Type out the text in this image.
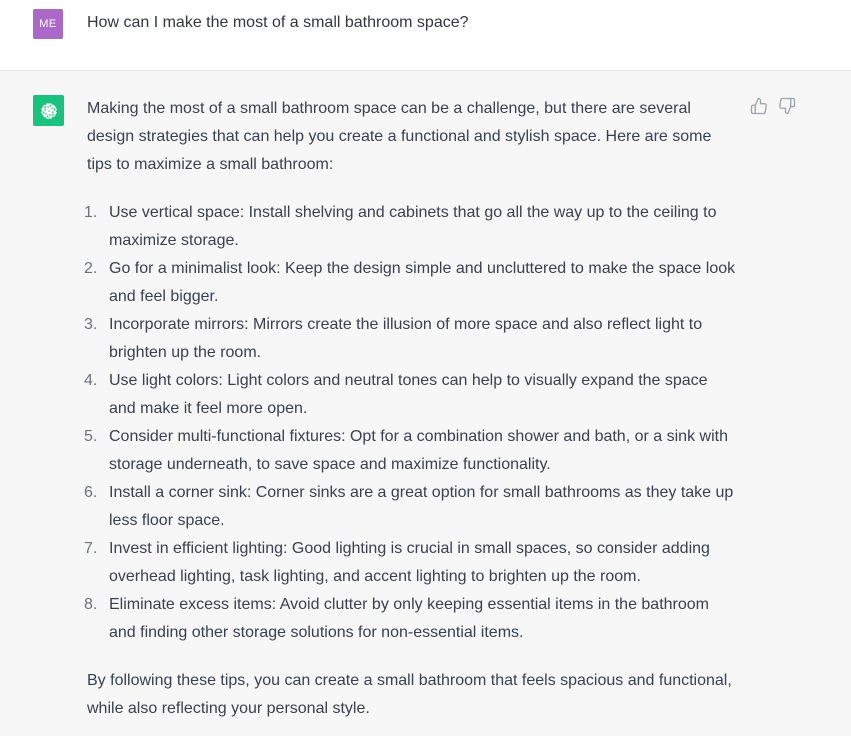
ME	How can I make the most of a small bathroom space?

Making the most of a small bathroom space can be a challenge, but there are several design strategies that can help you create a functional and stylish space. Here are some tips to maximize a small bathroom:

1. Use vertical space: Install shelving and cabinets that go all the way up to the ceiling to maximize storage.
2. Go for a minimalist look: Keep the design simple and uncluttered to make the space look and feel bigger.
3. Incorporate mirrors: Mirrors create the illusion of more space and also reflect light to brighten up the room.
4. Use light colors: Light colors and neutral tones can help to visually expand the space and make it feel more open.
5. Consider multi-functional fixtures: Opt for a combination shower and bath, or a sink with storage underneath, to save space and maximize functionality.
6. Install a corner sink: Corner sinks are a great option for small bathrooms as they take up less floor space.
7. Invest in efficient lighting: Good lighting is crucial in small spaces, so consider adding overhead lighting, task lighting, and accent lighting to brighten up the room.
8. Eliminate excess items: Avoid clutter by only keeping essential items in the bathroom and finding other storage solutions for non-essential items.

By following these tips, you can create a small bathroom that feels spacious and functional, while also reflecting your personal style.
